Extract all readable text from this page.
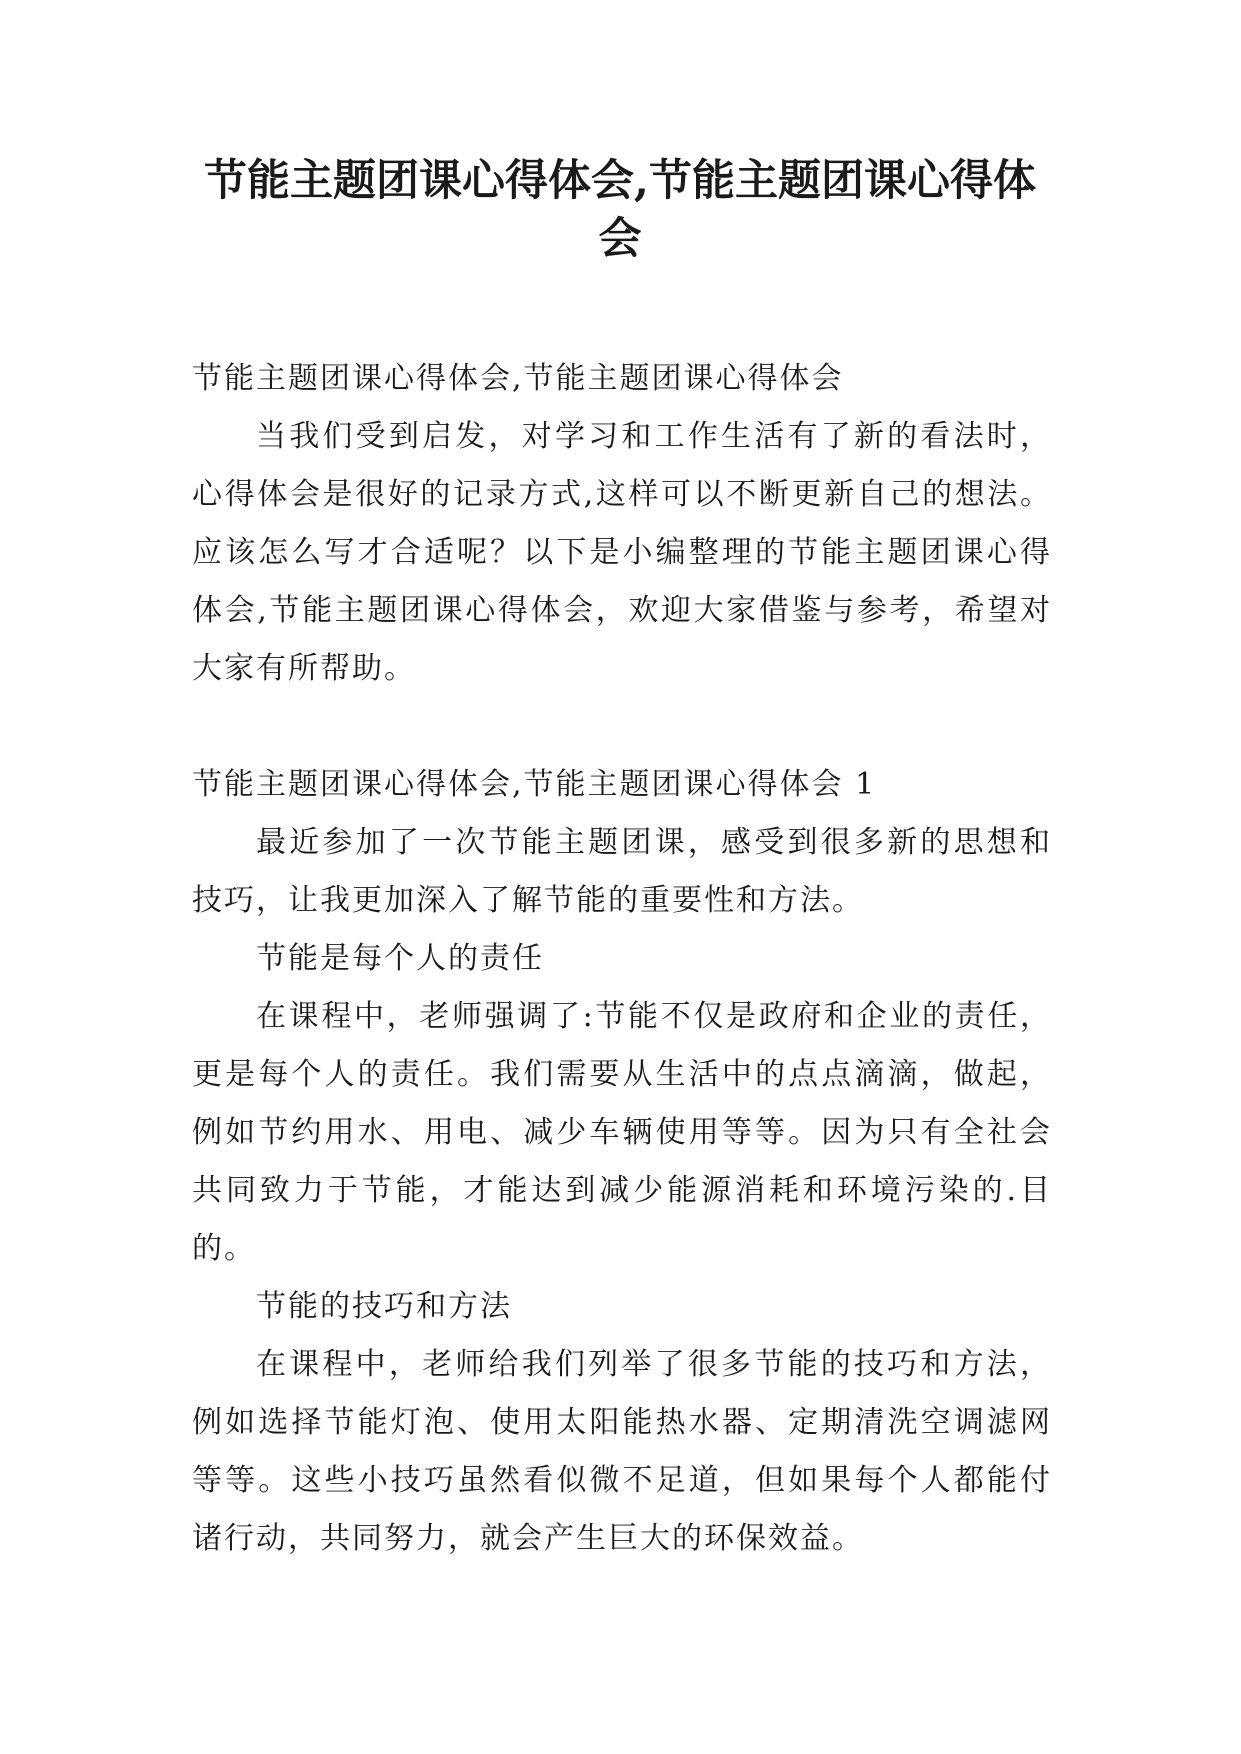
节能主题团课心得体会,节能主题团课心得体会

节能主题团课心得体会,节能主题团课心得体会

当我们受到启发，对学习和工作生活有了新的看法时，心得体会是很好的记录方式,这样可以不断更新自己的想法。应该怎么写才合适呢？以下是小编整理的节能主题团课心得体会,节能主题团课心得体会，欢迎大家借鉴与参考，希望对大家有所帮助。

节能主题团课心得体会,节能主题团课心得体会 1

最近参加了一次节能主题团课，感受到很多新的思想和技巧，让我更加深入了解节能的重要性和方法。

节能是每个人的责任

在课程中，老师强调了:节能不仅是政府和企业的责任，更是每个人的责任。我们需要从生活中的点点滴滴，做起，例如节约用水、用电、减少车辆使用等等。因为只有全社会共同致力于节能，才能达到减少能源消耗和环境污染的.目的。

节能的技巧和方法

在课程中，老师给我们列举了很多节能的技巧和方法，例如选择节能灯泡、使用太阳能热水器、定期清洗空调滤网等等。这些小技巧虽然看似微不足道，但如果每个人都能付诸行动，共同努力，就会产生巨大的环保效益。
